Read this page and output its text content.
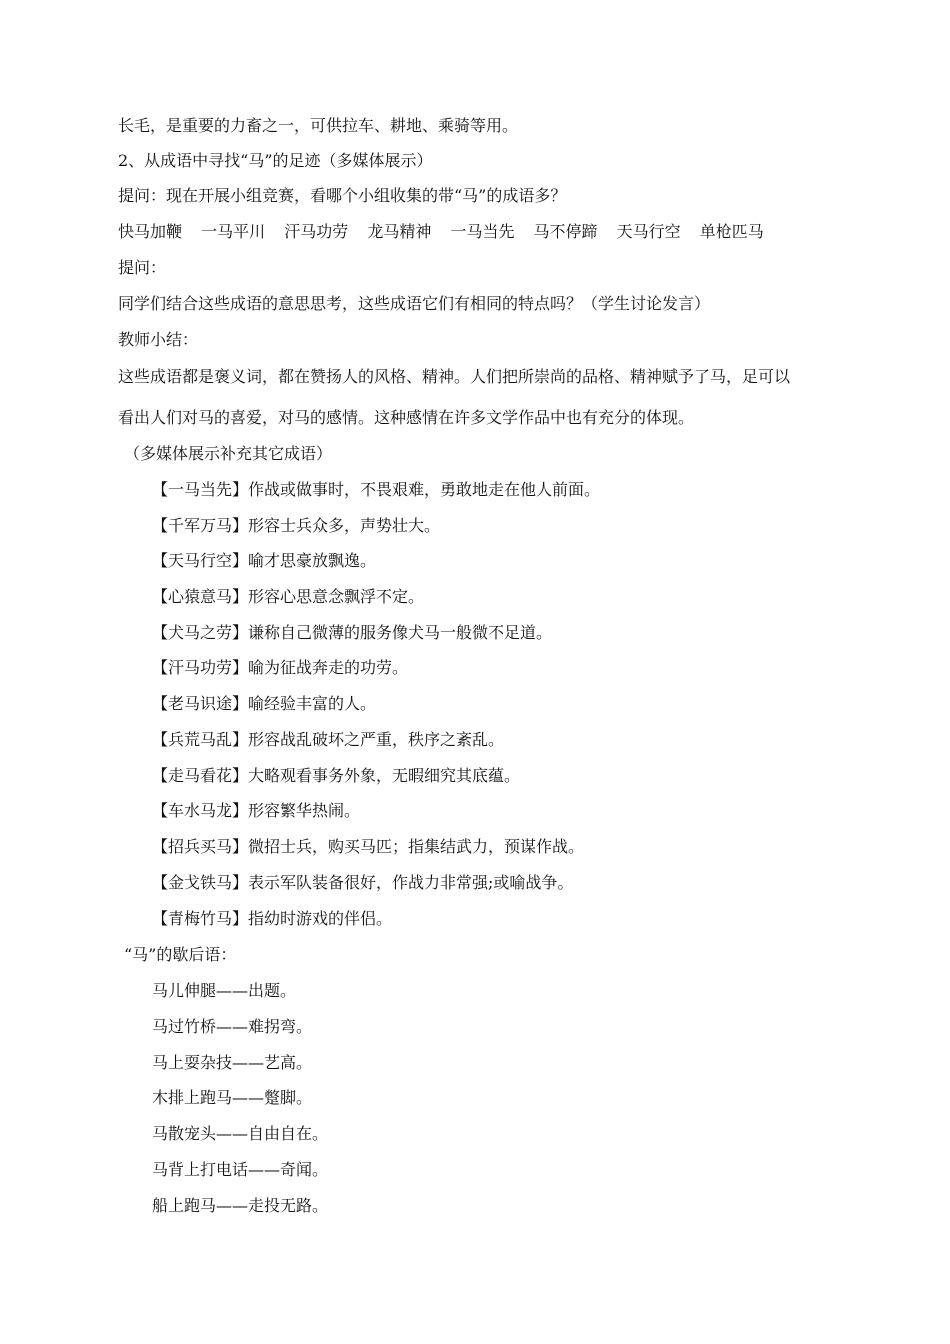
长毛，是重要的力畜之一，可供拉车、耕地、乘骑等用。
2、从成语中寻找“马”的足迹（多媒体展示）
提问：现在开展小组竞赛，看哪个小组收集的带“马”的成语多？
快马加鞭 一马平川 汗马功劳 龙马精神 一马当先 马不停蹄 天马行空 单枪匹马
提问：
同学们结合这些成语的意思思考，这些成语它们有相同的特点吗？（学生讨论发言）
教师小结：
这些成语都是褒义词，都在赞扬人的风格、精神。人们把所崇尚的品格、精神赋予了马，足可以
看出人们对马的喜爱，对马的感情。这种感情在许多文学作品中也有充分的体现。
（多媒体展示补充其它成语）
【一马当先】作战或做事时，不畏艰难，勇敢地走在他人前面。
【千军万马】形容士兵众多，声势壮大。
【天马行空】喻才思豪放飘逸。
【心猿意马】形容心思意念飘浮不定。
【犬马之劳】谦称自己微薄的服务像犬马一般微不足道。
【汗马功劳】喻为征战奔走的功劳。
【老马识途】喻经验丰富的人。
【兵荒马乱】形容战乱破坏之严重，秩序之紊乱。
【走马看花】大略观看事务外象，无暇细究其底蕴。
【车水马龙】形容繁华热闹。
【招兵买马】微招士兵，购买马匹；指集结武力，预谋作战。
【金戈铁马】表示军队装备很好，作战力非常强;或喻战争。
【青梅竹马】指幼时游戏的伴侣。
“马”的歇后语：
马儿伸腿——出题。
马过竹桥——难拐弯。
马上耍杂技——艺高。
木排上跑马——蹩脚。
马散宠头——自由自在。
马背上打电话——奇闻。
船上跑马——走投无路。
